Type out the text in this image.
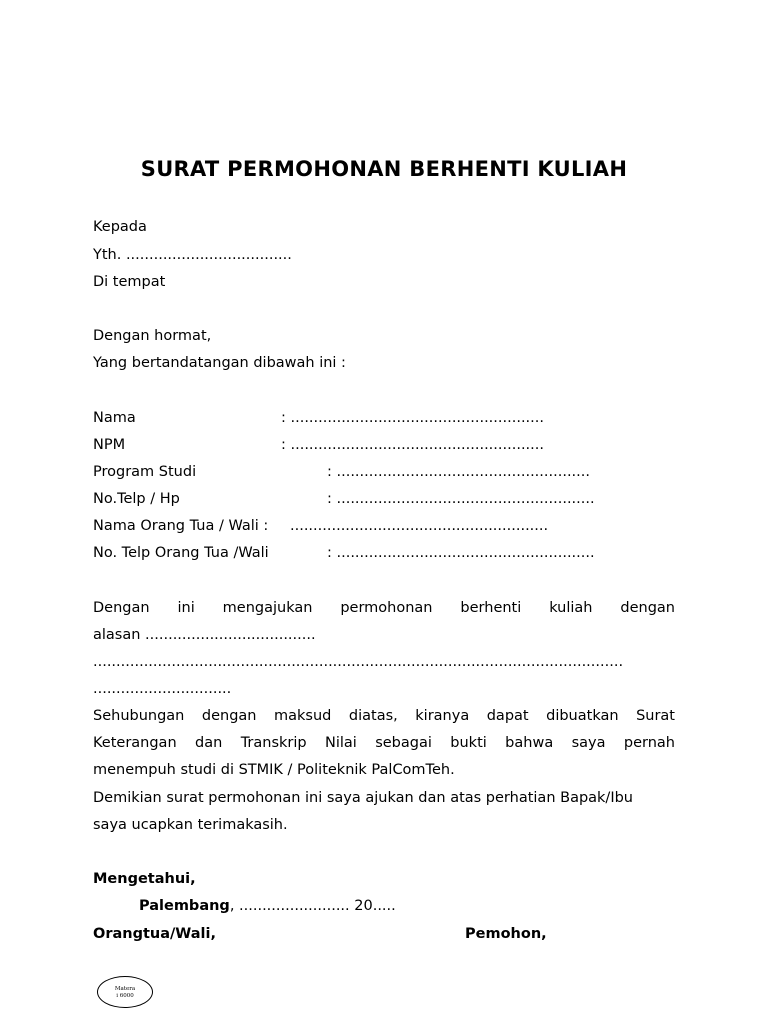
SURAT PERMOHONAN BERHENTI KULIAH
Kepada
Yth. ....................................
Di tempat
Dengan hormat,
Yang bertandatangan dibawah ini :
Nama	: .......................................................
NPM	: .......................................................
Program Studi	: .......................................................
No.Telp / Hp	: ........................................................
Nama Orang Tua / Wali : ........................................................
No. Telp Orang Tua /Wali	: ........................................................
Dengan ini mengajukan permohonan berhenti kuliah dengan
alasan .....................................
...................................................................................................................
..............................
Sehubungan dengan maksud diatas, kiranya dapat dibuatkan Surat
Keterangan dan Transkrip Nilai sebagai bukti bahwa saya pernah
menempuh studi di STMIK / Politeknik PalComTeh.
Demikian surat permohonan ini saya ajukan dan atas perhatian Bapak/Ibu
saya ucapkan terimakasih.
Mengetahui,
Palembang, ........................ 20.....
Orangtua/Wali,	Pemohon,
Matera
i 6000
